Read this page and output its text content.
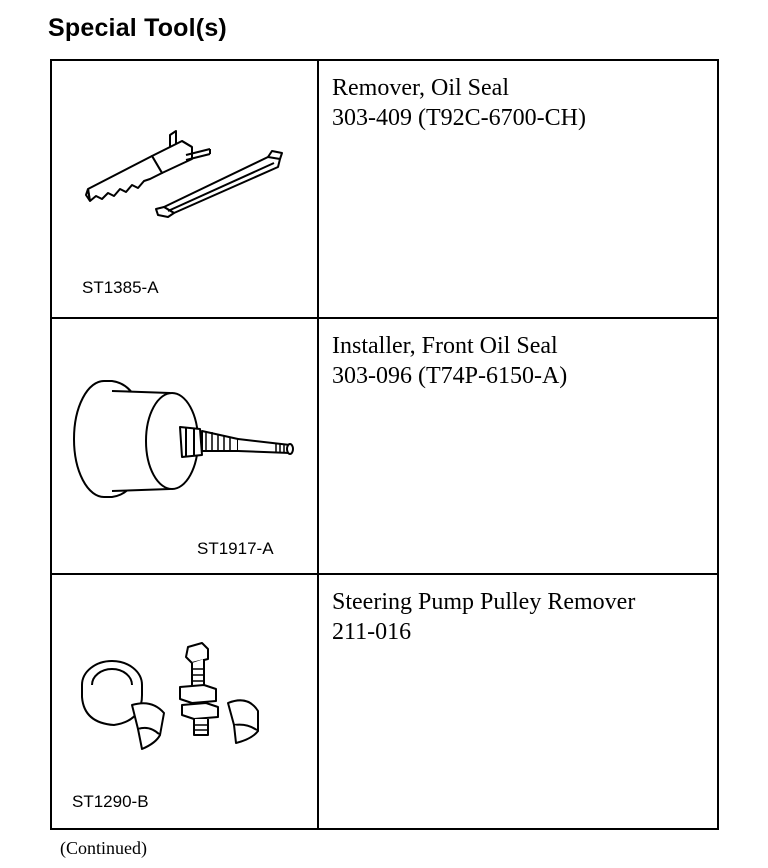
Special Tool(s)
ST1385-A
Remover, Oil Seal
303-409 (T92C-6700-CH)
ST1917-A
Installer, Front Oil Seal
303-096 (T74P-6150-A)
ST1290-B
Steering Pump Pulley Remover
211-016
(Continued)
